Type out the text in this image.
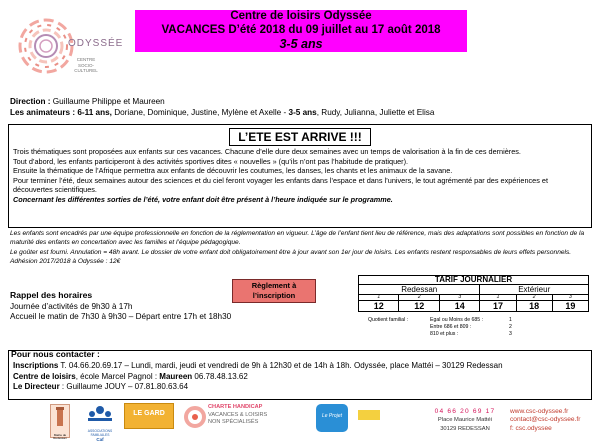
ODYSSÉE
CENTRE
SOCIO-
CULTUREL
Centre de loisirs Odyssée
VACANCES D’été 2018 du 09 juillet au 17 août 2018
3-5 ans
Direction : Guillaume Philippe et Maureen
Les animateurs : 6-11 ans, Doriane, Dominique, Justine, Mylène et Axelle - 3-5 ans, Rudy, Julianna, Juliette et Elisa
L’ETE EST ARRIVE !!!

Trois thématiques sont proposées aux enfants sur ces vacances. Chacune d’elle dure deux semaines avec un temps de valorisation à la fin de ces dernières.

Tout d’abord, les enfants participeront à des activités sportives dites « nouvelles » (qu’ils n’ont pas l’habitude de pratiquer).

Ensuite la thématique de l’Afrique permettra aux enfants de découvrir les coutumes, les danses, les chants et les animaux de la savane.

Pour terminer l’été, deux semaines autour des sciences et du ciel feront voyager les enfants dans l’espace et dans l’univers, le tout agrémenté par des expériences et découvertes scientifiques.

Concernant les différentes sorties de l’été, votre enfant doit être présent à l’heure indiquée sur le programme.

Les enfants sont encadrés par une équipe professionnelle en fonction de la réglementation en vigueur. L’âge de l’enfant tient lieu de référence, mais des adaptations sont possibles en fonction de la maturité des enfants en concertation avec les familles et l’équipe pédagogique.

Le goûter est fourni. Annulation = 48h avant. Le dossier de votre enfant doit obligatoirement être à jour avant son 1er jour de loisirs. Les enfants restent responsables de leurs effets personnels. Adhésion 2017/2018 à Odyssée : 12€

Règlement à l’inscription
Rappel des horaires
Journée d’activités de 9h30 à 17h
Accueil le matin de 7h30 à 9h30 – Départ entre 17h et 18h30
TARIF JOURNALIER					
Redessan			Extérieur		
1	2	3	1	2	3
12	12	14	17	18	19
Quotient familial :	Egal ou Moins de 685 :	1
Entre 686 et 809 :	2
810 et plus :	3
Pour nous contacter :
Inscriptions T. 04.66.20.69.17 – Lundi, mardi, jeudi et vendredi de 9h à 12h30 et de 14h à 18h. Odyssée, place Mattéi – 30129 Redessan
Centre de loisirs, école Marcel Pagnol : Maureen 06.78.48.13.62
Le Directeur : Guillaume JOUY – 07.81.80.63.64
Mairie de Redessan
ASSOCIATIONS FAMILIALES
Caf
LE GARD
CHARTE HANDICAP
VACANCES & LOISIRS
NON SPÉCIALISÉS
Le Projet
04 66 20 69 17
Place Maurice Mattéi
30129 REDESSAN
www.csc-odyssee.fr
contact@csc-odyssee.fr
f: csc.odyssee
